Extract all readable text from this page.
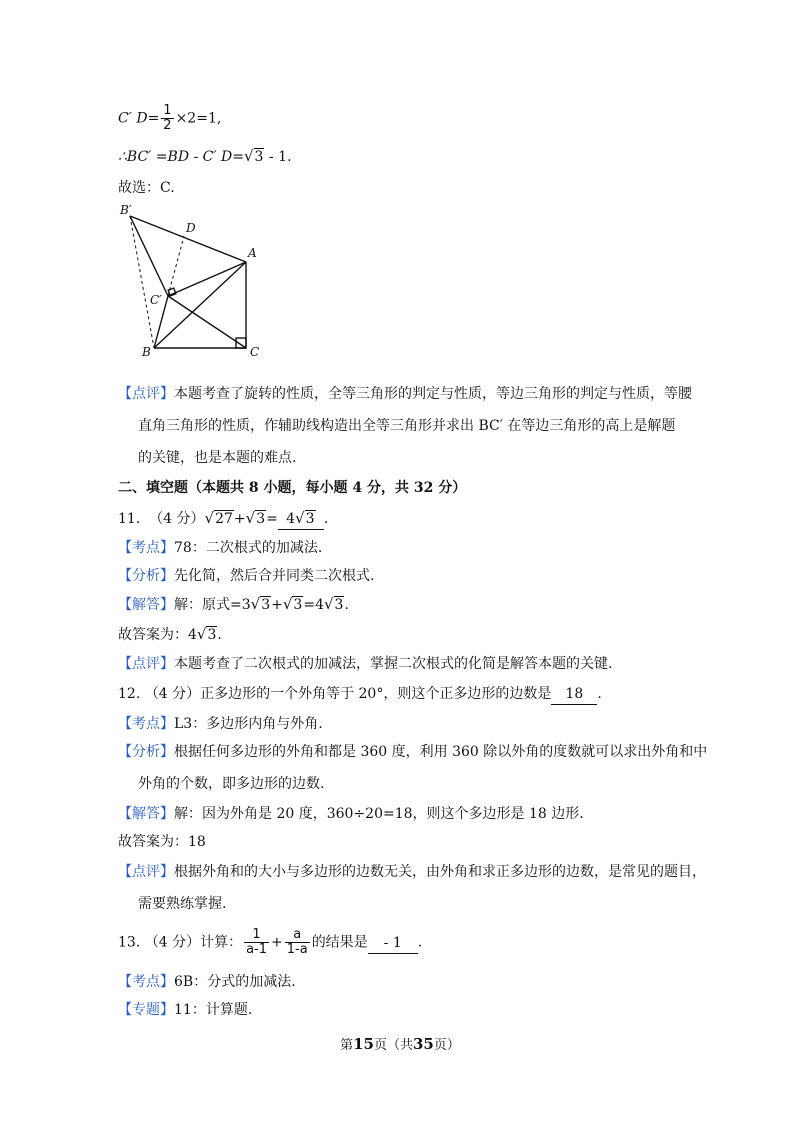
C′ $D= \frac{1}{2} \times 2=1$,
∴BC′ =BD - C′ D=√3 - 1.
故选：C.
B′
D
A
C′
B	C
【点评】本题考查了旋转的性质，全等三角形的判定与性质，等边三角形的判定与性质，等腰
直角三角形的性质，作辅助线构造出全等三角形并求出 BC′ 在等边三角形的高上是解题
的关键，也是本题的难点.
二、填空题（本题共 8 小题，每小题 4 分，共 32 分）
11. （4 分）√27+√3= 4√3 .
【考点】78：二次根式的加减法.
【分析】先化简，然后合并同类二次根式.
【解答】解：原式=3√3+√3=4√3.
故答案为：4√3.
【点评】本题考查了二次根式的加减法，掌握二次根式的化简是解答本题的关键.
12. （4 分）正多边形的一个外角等于 20°，则这个正多边形的边数是 18 .
【考点】L3：多边形内角与外角.
【分析】根据任何多边形的外角和都是 360 度，利用 360 除以外角的度数就可以求出外角和中
外角的个数，即多边形的边数.
【解答】解：因为外角是 20 度，360÷20=18，则这个多边形是 18 边形.
故答案为：18
【点评】根据外角和的大小与多边形的边数无关，由外角和求正多边形的边数，是常见的题目，
需要熟练掌握.
13. （4 分）计算： $\frac{1}{a-1} + \frac{a}{1-a}$ 的结果是 - 1 .
【考点】6B：分式的加减法.
【专题】11：计算题.
第15页（共35页）
